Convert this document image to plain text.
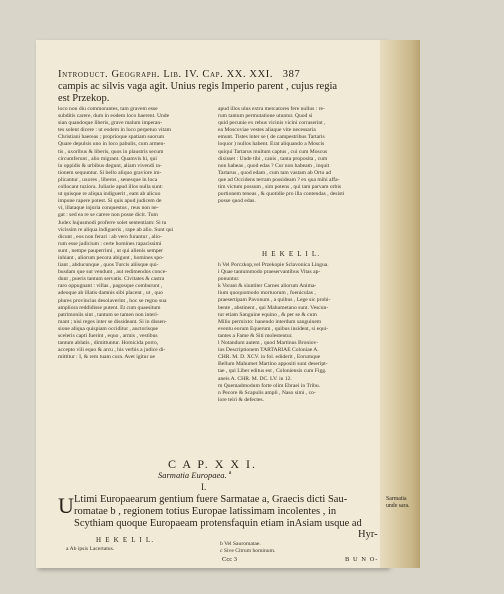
Introduct. Geograph. Lib. IV. Cap. XX. XXI. 387
campis ac silvis vaga agit. Unius regis Imperio parent , cujus regia
est Przekop.
loco non diu commorantes, tam gravem esse
subditis carere, dum in eodem loco haerent. Unde
sian quandoque liberis, grave malum imperan-
tes solent dicere : ut eodem in loco perpetuo vitam
Christiani haereas ; proprioque spatiam suorum
Quare depulsis uno in loco pabulis, cum armen-
tis , uxoribus & liberis, quos in plaustris secum
circumferunt , alio migrant. Quamvis hi, qui
in oppidis & urbibus degunt, aliam vivendi ra-
tionem sequuntur. Si bello aliquo graviore im-
plicantur , uxores , liberos , senesque in loca
collocant tuziora. Juliarie apud illos nulla sunt:
ut quisque re aliqua indiguerit , eam ab alicuo
impune rapere potest. Si quis apud judicem de
vi, illataque injuria conquestus , reus non ne-
gat : sed ea re se carere non posse dicit. Tum
Judex hujusmodi proferre solet sententiam: Si tu
vicissim re aliqua indigueris , rape ab alio. Sunt qui
dicunt , eos non ferari : ab vero furantur , alio-
rum esse judicium : certe homines rapacissimi
sunt , nempe pauperrimi , ut qui alienis semper
inhiant , aliorum pecora abigunt , homines spo-
liant , abducunque , quos Turcis aliisque qui-
busdam que sut vendunt , aut redimendos conce-
dunt , pueris tantum servatis. Civitates & castra
raro oppugnant : villas , pagosque comburunt ,
adeoque ab illatis damnis sibi placent , ut , quo
plures provincias desolaverint , hoc se regno sua
ampliora reddidisse putent. Et cum quaesitum
patrimoniis sint , tantum se tamen non interi-
mant ; nisi reges inter se dissideant. Si in dissen-
sione aliqua quispiam occiditur , auctorisque
sceleris capti fuerint , equo , armis , vestibus
tantum ablatis , dimittuntur. Homicida porro,
accepto vili equo & arcu , his verbis a judice di-
mittitur : I, & rem tuam cura. Avet igitur ue
apud illos ulus extra mercatores fere nullus : re-
rum tantum permutatione utuntur. Quod si
quid pecunie ex rebus vicinis vicini corraserint ,
ea Moscoviae vestes aliaque vite necessaria
emunt. Tistes inter se ( de campestribus Tartaris
loquor ) nullos habent. Erat aliquando a Moscis
quiqui Tartarus multum captus , cui cum Moscus
dixisset : Unde tibi , canis , tanta proposita , cum
non habeas , quod edas ? Cur non habeam , inquit
Tartarus , quod edam , cum tam vastam ab Ortu ad
que ad Occidens terram possideam ? ex qua mihi affa-
tim victum possum , sim potens , qui tam parvam orbis
portionem teneas , & quotidie pro illa contendas , desisti
posse quod edas.
H E K E L I L.
h Vel Porczkop,vel Przekopie Sclavonica Lingua.
i Quae tantummodo praeservantibus Vitas ap-
ponuntur.
k Vorant & siuntiter Carnes aliorum Anima-
lium quoquomodo mortuorum , foeniculas ,
praesertipam Pavonum , a quibus , Lege sic prohi-
bente , abstinent , qui Mahumetano sunt. Vescun-
tur etiam Sanguine equino , & per se & cum
Milio permixto: hanendo interdum sanguinem
eventu eorum Equerum , quibus insident, si equi-
tantes a Fame & Siti molestentur.
l Notandum autem , quod Martinus Broniov-
ius Descriptionem TARTARIAE Coloniae A.
CHR. M. D. XCV. in fol. ediderit , Eorumque
Bellum Mahumet Martino appositi sunt deseript-
tae , qui Liber editus est , Coloniensis cum Figg.
aneis A. CHR. M. DC. LV. in 12.
m Quemadmodum forte olim Ebraei in Tribu.
n Pecore & Scapulis ampli , Naso simi , co-
lore teiri & defectes.
C A P. X X I.
Sarmatia Europaea. $^a$
I.
U Ltimi Europaearum gentium fuere Sarmatae a, Graecis dicti Sau-
romatae b , regionem totius Europae latissimam incolentes , in
Scythiam quoque Europaeam protensfaquin etiam inAsiam usque ad
Hyr-
Sarmatia unde sara.
H E K E L I L.
a Ab ipsis Lacertatus.
b Vel Sauromatae.
c Sive Citrum hominum.
Ccc 3	B U N O-
